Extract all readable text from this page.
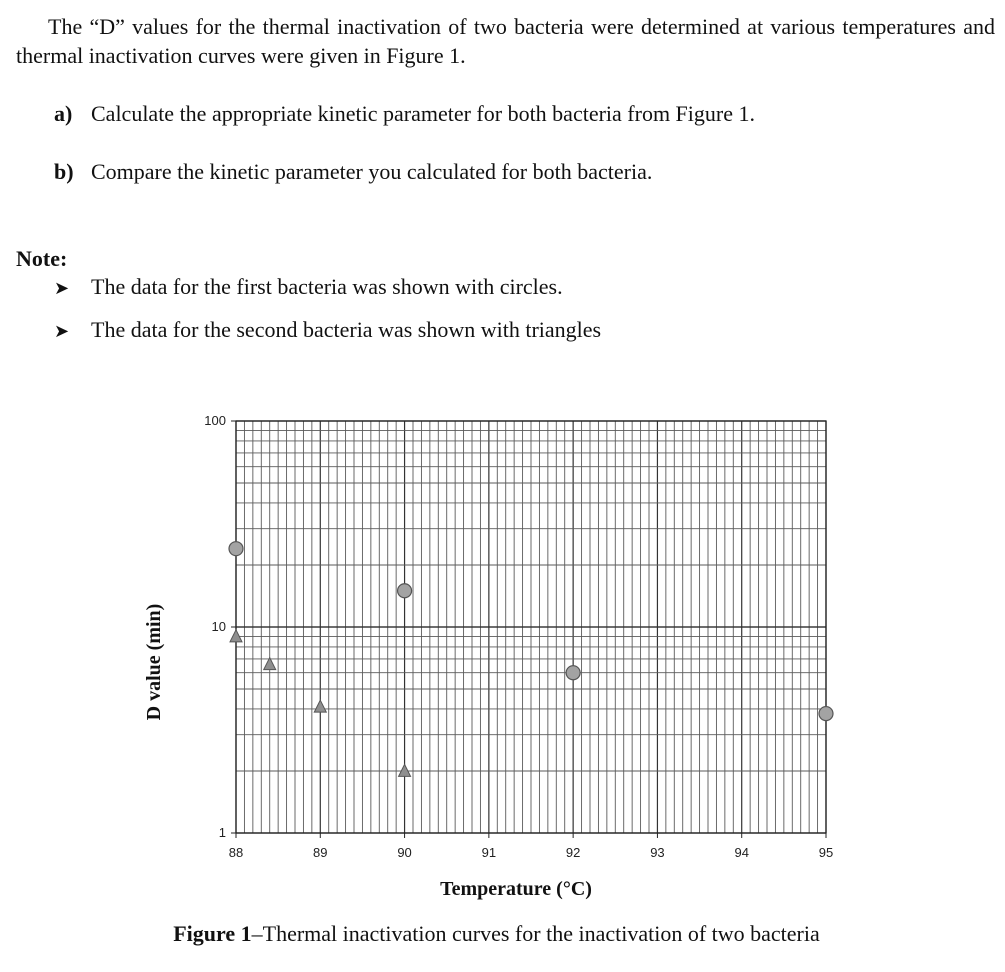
The “D” values for the thermal inactivation of two bacteria were determined at various temperatures and thermal inactivation curves were given in Figure 1.

a) Calculate the appropriate kinetic parameter for both bacteria from Figure 1.
b) Compare the kinetic parameter you calculated for both bacteria.

Note:

➤ The data for the first bacteria was shown with circles.
➤ The data for the second bacteria was shown with triangles
88	89	90	91	92	93	94	95
1
10
100
Temperature (°C)
D value (min)
Figure 1–Thermal inactivation curves for the inactivation of two bacteria
